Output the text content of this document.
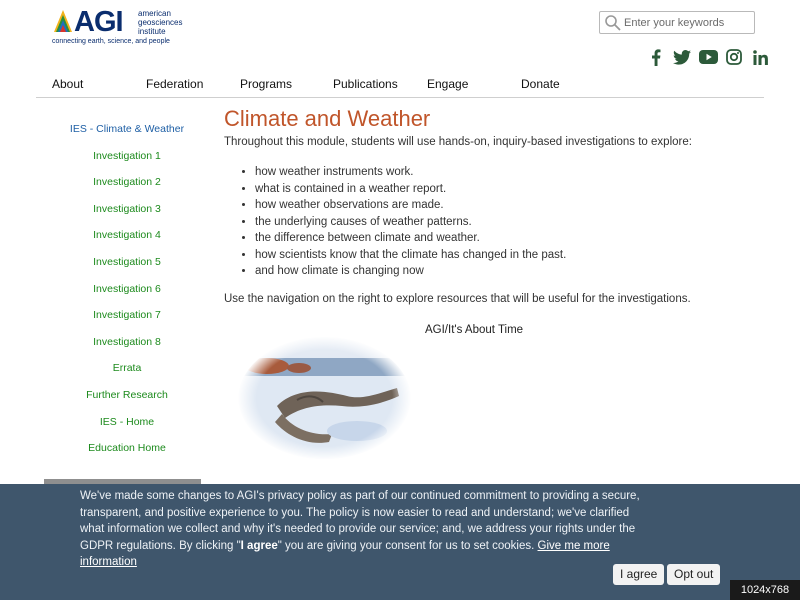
AGI american
geosciences
institute
connecting earth, science, and people
Enter your keywords
About	Federation	Programs	Publications Engage	Donate
IES - Climate & Weather
Investigation 1
Investigation 2
Investigation 3
Investigation 4
Investigation 5
Investigation 6
Investigation 7
Investigation 8
Errata
Further Research
IES - Home
Education Home
Climate and Weather

Throughout this module, students will use hands-on, inquiry-based investigations to explore:

• how weather instruments work.
• what is contained in a weather report.
• how weather observations are made.
• the underlying causes of weather patterns.
• the difference between climate and weather.
• how scientists know that the climate has changed in the past.
• and how climate is changing now

Use the navigation on the right to explore resources that will be useful for the investigations.

AGI/It's About Time
We've made some changes to AGI's privacy policy as part of our continued commitment to providing a secure, transparent, and positive experience to you. The policy is now easier to read and understand; we've clarified what information we collect and why it's needed to provide our service; and, we address your rights under the GDPR regulations. By clicking "I agree" you are giving your consent for us to set cookies. Give me more information
I agree	Opt out
1024x768
